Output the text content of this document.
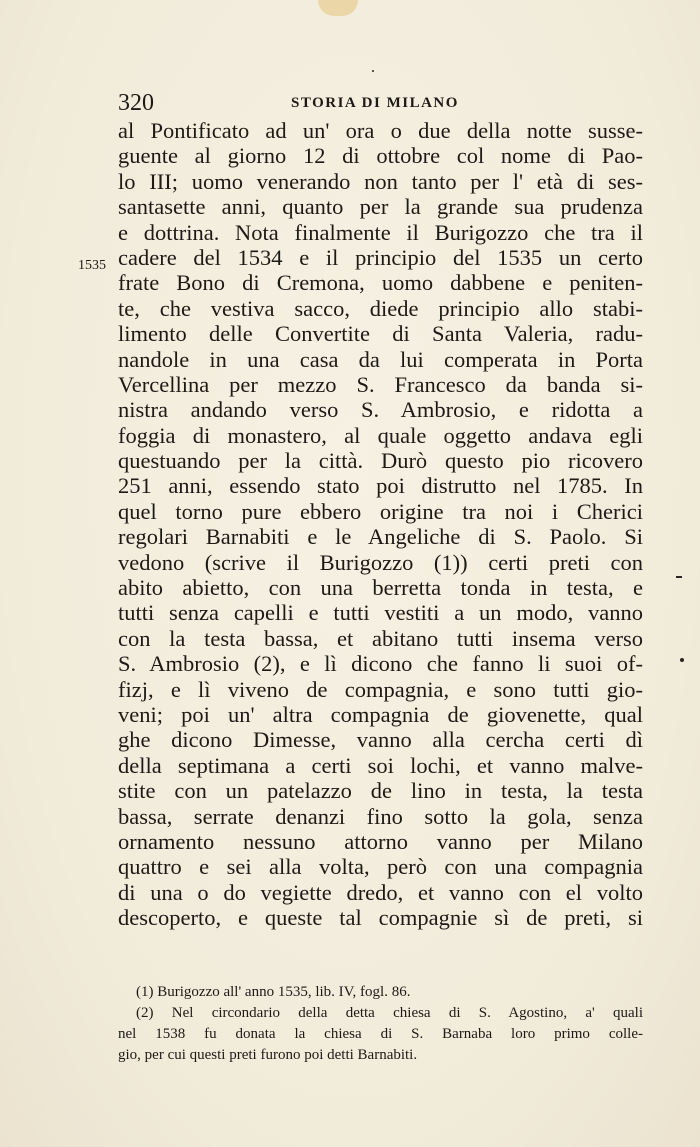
320	STORIA DI MILANO
1535
al Pontificato ad un' ora o due della notte susse-
guente al giorno 12 di ottobre col nome di Pao-
lo III; uomo venerando non tanto per l' età di ses-
santasette anni, quanto per la grande sua prudenza
e dottrina. Nota finalmente il Burigozzo che tra il
cadere del 1534 e il principio del 1535 un certo
frate Bono di Cremona, uomo dabbene e peniten-
te, che vestiva sacco, diede principio allo stabi-
limento delle Convertite di Santa Valeria, radu-
nandole in una casa da lui comperata in Porta
Vercellina per mezzo S. Francesco da banda si-
nistra andando verso S. Ambrosio, e ridotta a
foggia di monastero, al quale oggetto andava egli
questuando per la città. Durò questo pio ricovero
251 anni, essendo stato poi distrutto nel 1785. In
quel torno pure ebbero origine tra noi i Cherici
regolari Barnabiti e le Angeliche di S. Paolo. Si
vedono (scrive il Burigozzo (1)) certi preti con
abito abietto, con una berretta tonda in testa, e
tutti senza capelli e tutti vestiti a un modo, vanno
con la testa bassa, et abitano tutti insema verso
S. Ambrosio (2), e lì dicono che fanno li suoi of-
fizj, e lì viveno de compagnia, e sono tutti gio-
veni; poi un' altra compagnia de giovenette, qual
ghe dicono Dimesse, vanno alla cercha certi dì
della septimana a certi soi lochi, et vanno malve-
stite con un patelazzo de lino in testa, la testa
bassa, serrate denanzi fino sotto la gola, senza
ornamento nessuno attorno vanno per Milano
quattro e sei alla volta, però con una compagnia
di una o do vegiette dredo, et vanno con el volto
descoperto, e queste tal compagnie sì de preti, si
(1) Burigozzo all' anno 1535, lib. IV, fogl. 86.
(2) Nel circondario della detta chiesa di S. Agostino, a' quali
nel 1538 fu donata la chiesa di S. Barnaba loro primo colle-
gio, per cui questi preti furono poi detti Barnabiti.
